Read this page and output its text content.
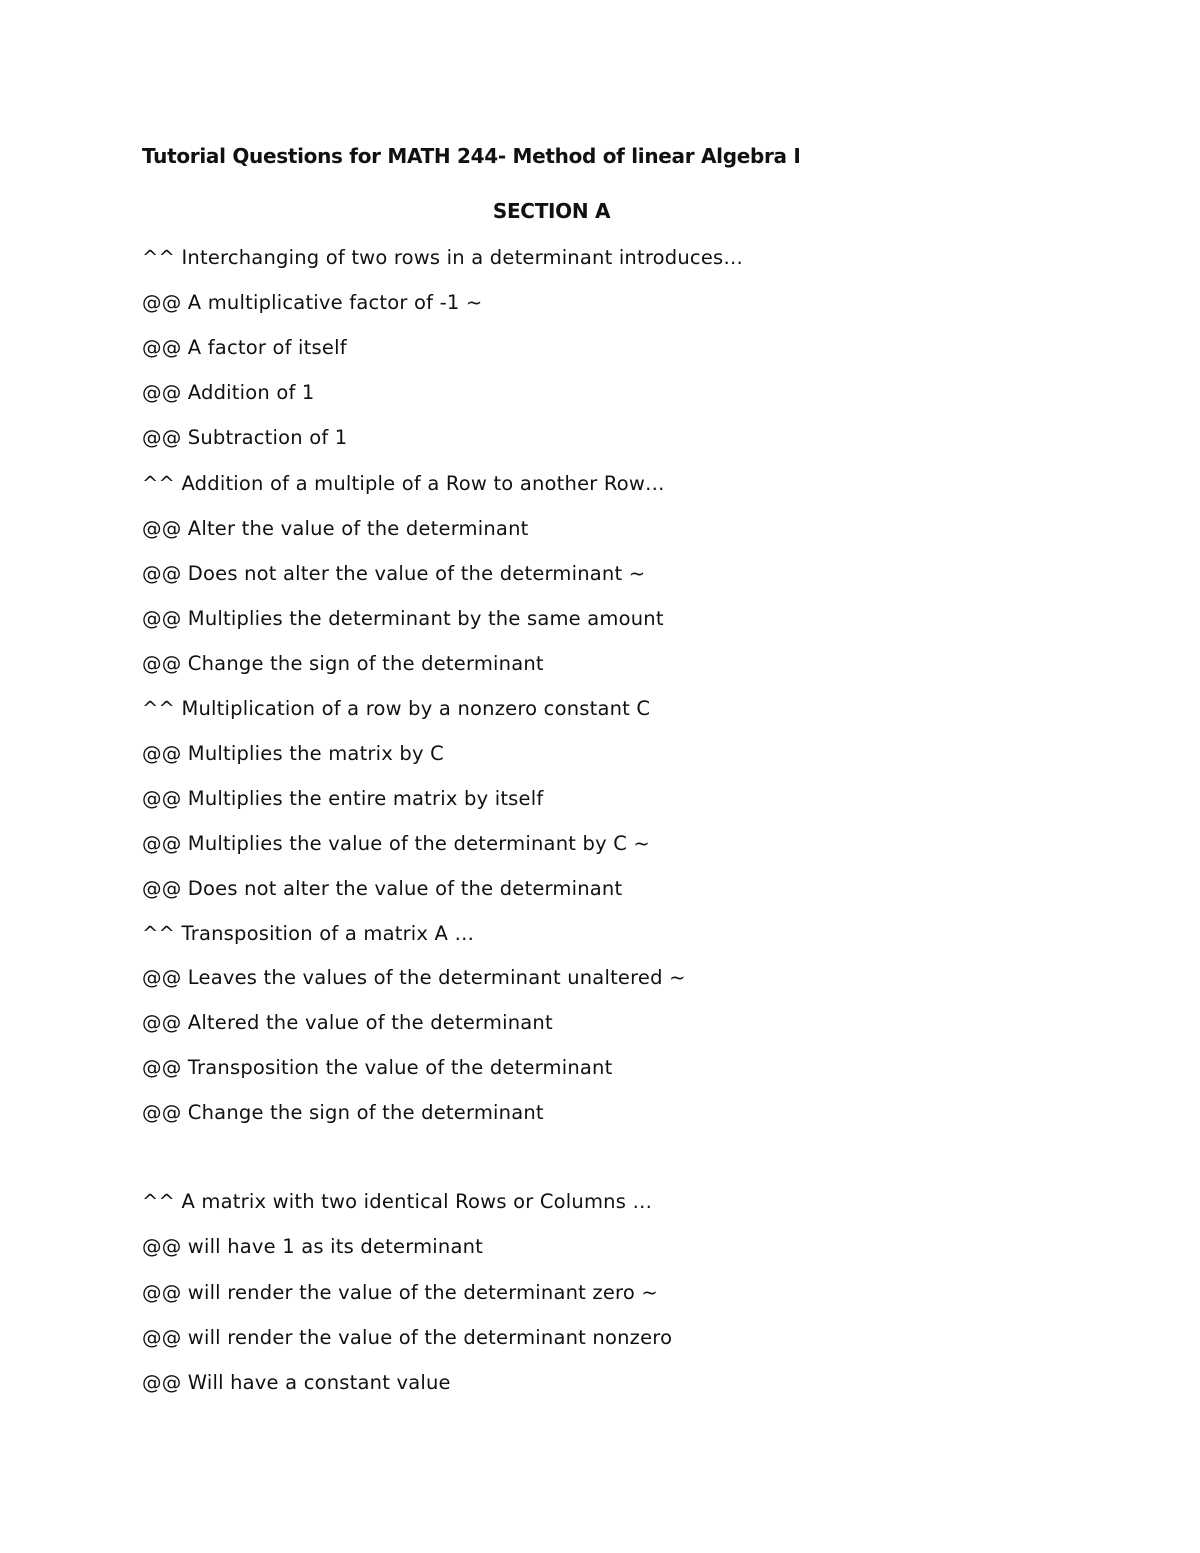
Tutorial Questions for MATH 244- Method of linear Algebra I
SECTION A

^^ Interchanging of two rows in a determinant introduces…

@@ A multiplicative factor of -1 ~

@@ A factor of itself

@@ Addition of 1

@@ Subtraction of 1

^^ Addition of a multiple of a Row to another Row…

@@ Alter the value of the determinant

@@ Does not alter the value of the determinant ~

@@ Multiplies the determinant by the same amount

@@ Change the sign of the determinant

^^ Multiplication of a row by a nonzero constant C

@@ Multiplies the matrix by C

@@ Multiplies the entire matrix by itself

@@ Multiplies the value of the determinant by C ~

@@ Does not alter the value of the determinant

^^ Transposition of a matrix A …

@@ Leaves the values of the determinant unaltered ~

@@ Altered the value of the determinant

@@ Transposition the value of the determinant

@@ Change the sign of the determinant

^^ A matrix with two identical Rows or Columns …

@@ will have 1 as its determinant

@@ will render the value of the determinant zero ~

@@ will render the value of the determinant nonzero

@@ Will have a constant value
